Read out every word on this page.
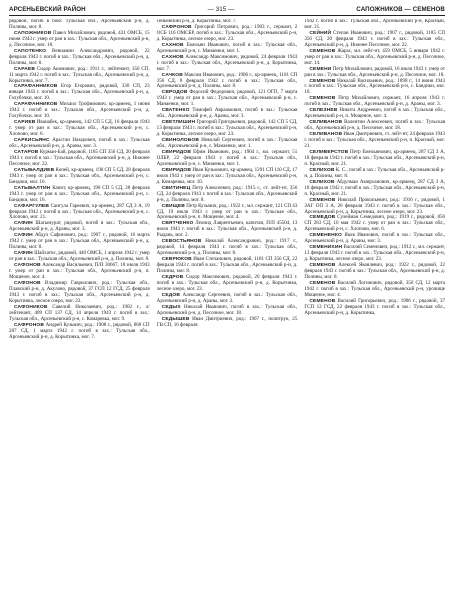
АРСЕНЬЕВСКИЙ РАЙОН	— 315 —	САПОЖНИКОВ — СЕМЕНОВ

рядовой, погиб в бою: Тульская обл., Арсеньевский р-н, д. Полины, мог. 8.

САПОЖНИКОВ Павел Михайлович, рядовой, 431 ОМСБ, 15 июня 1943 г. умер от ран в зах.: Тульская обл., Арсеньевский р-н, д. Песочное, мог. 18.

САПОТЕНКО Вениамин Александрович, рядовой, 22 февраля 1943 г. погиб в зах.: Тульская обл., Арсеньевский р-н, д. Полины, мог. 8.

САРАЕВ Сидор Акимович, род.: 1911 г., лейтенант, 356 СП, 11 марта 1942 г. погиб в зах.: Тульская обл., Арсеньевский р-н, д. Корытинка, мог. 7.

САРАФАННИКОВ Егор Егорович, рядовой, 330 СП, 23 января 1943 г. погиб в зах.: Тульская обл., Арсеньевский р-н, д. Голубочки, мог. 10.

САРАФАННИКОВ Михаил Трофимович, кр-армеец, 1 июня 1943 г. погиб в зах.: Тульская обл., Арсеньевский р-н, д. Голубочки, мог. 10.

САРИЕВ Иванабек, кр-армеец, 142 СП 5 СД, 16 февраля 1943 г. умер от ран в зах.: Тульская обл., Арсеньевский р-н, с. Хлопово, мог. 6.

САРКИСЬЯНС Арастан Назарович, погиб в зах.: Тульская обл., Арсеньевский р-н, д. Араны, мог. 3.

САТАРОВ Курман-Бай, рядовой, 1185 СП 356 СД, 20 февраля 1943 г. погиб в зах.: Тульская обл., Арсеньевский р-н, д. Нижнее Песочное, мог. 22.

САТЫБАЛДИЕВ Копей, кр-армеец, 190 СП 5 СД, 28 февраля 1943 г. умер от ран в зах.: Тульская обл., Арсеньевский р-н, с. Бандики, мог. 16.

САТЫБАЛТИН Капит, кр-армеец, 190 СП 5 СД, 28 февраля 1943 г. умер от ран в зах.: Тульская обл., Арсеньевский р-н, с. Бандики, мог. 16.

САФАРГУЛЕВ Сангула Гареевич, кр-армеец, 287 СД 3 А, 19 февраля 1942 г. погиб в зах.: Тульская обл., Арсеньевский р-н, с. Хлопово, мог. 21.

САФИН Шагымурат, рядовой, погиб в зах.: Тульская обл., Арсеньевский р-н, д. Араны, мог. 3.

САФИН Абдул Сафинович, род.: 1907 г., рядовой, 16 марта 1942 г. умер от ран в зах.: Тульская обл., Арсеньевский р-н, д. Полины, мог. 8.

САФИН Шайхатис, рядовой, 440 ОМСБ, 1 апреля 1942 г. умер от ран в зах.: Тульская обл., Арсеньевский р-н, д. Полины, мог. 8.

САФОНОВ Александр Васильевич, П/П 30667, 18 июля 1943 г. умер от ран в зах.: Тульская обл., Арсеньевский р-н, п. Мощеное, мог. 4.

САФОНОВ Владимир Гаврилович, род.: Тульская обл., Плавский р-н, д. Акулово, рядовой, 37 ГСП 12 ГСД, 25 февраля 1943 г. погиб в зах.: Тульская обл., Арсеньевский р-н, д. Корытинка, лесное озеро, мог. 23.

САФОНИКОВ Савелий Николаевич, род.: 1902 г., л/лейтенант, 409 СП 137 СД, 14 апреля 1943 г. погиб в зах.: Тульская обл., Арсеньевский р-н, с. Комаревка, мог. 9.

САФРОНОВ Андрей Кузьмич, род.: 1908 г., рядовой, 868 СП 287 СД, 1 марта 1942 г. погиб в зах.: Тульская обл., Арсеньевский р-н, д. Корытинка, мог. 7.

сеньевский р-н, д. Корытинка, мог. 7.

САФРОНОВ Григорий Петрович, род.: 1903 г., сержант, 2 ОСБ 116 ОМСБР, погиб в зах.: Тульская обл., Арсеньевский р-н, д. Корытинка, лесное озеро, мог. 23.

САХНОВ Емельян Иванович, погиб в зах.: Тульская обл., Арсеньевский р-н, с. Манаенки, мог. 1.

САХНОВ Александр Максимович, рядовой, 24 февраля 1943 г. погиб в зах.: Тульская обл., Арсеньевский р-н, д. Корытинка, мог. 7.

САЧКОВ Максим Иванович, род.: 1906 г., кр-армеец, 1181 СП 356 СД, 8 февраля 1942 г. погиб в зах.: Тульская обл., Арсеньевский р-н, д. Полины, мог. 8.

СВРОДОВ Федосий Федорович, рядовой, 121 ОГП, 7 марта 1943 г. умер от ран в зах.: Тульская обл., Арсеньевский р-н, с. Манаенки, мог. 1.

СВАТЕНКО Тимофей Авраамович, погиб в зах.: Тульская обл., Арсеньевский р-н, д. Араны, мог. 3.

СВЕТЛИШИН Григорий Григорьевич, рядовой, 142 СП 5 СД, 13 февраля 1943 г. погиб в зах.: Тульская обл., Арсеньевский р-н, д. Корытинка, лесное озеро, мог. 23.

СВИНОЛОБОВ Николай Сергеевич, погиб в зах.: Тульская обл., Арсеньевский р-н, с. Манаенки, мог. 1.

СВИРИДОВ Ефим Иванович, род.: 1904 г., мл. сержант, 51 ОЛБР, 22 февраля 1943 г. погиб в зах.: Тульская обл., Арсеньевский р-н, с. Манаенки, мог. 1.

СВИРИДОВ Иван Кузьмович, кр-армеец, 1291 СП 110 СД, 17 июля 1943 г. умер от ран в зах.: Тульская обл., Арсеньевский р-н, д. Комаревка, мог. 10.

СВИТИНЕЦ Петр Алексеевич, род.: 1915 г., ст. лейт-нт, 356 СД, 24 февраля 1943 г. погиб в зах.: Тульская обл., Арсеньевский р-н, д. Полины, мог. 8.

СВИЩЕВ Петр Кузьмич, род.: 1922 г., мл. сержант, 121 СП 43 СД, 19 июля 1943 г. умер от ран в зах.: Тульская обл., Арсеньевский р-н, п. Мощеное, мог. 4.

СВЯТЧЕНКО Леонид Лаврентьевич, капитан, П/П 45504, 13 июля 1943 г. погиб в зах.: Тульская обл., Арсеньевский р-н, д. Рыдань, мог. 2.

СЕВОСТЬЯНОВ Николай Александрович, род.: 1917 г., рядовой, 14 февраля 1943 г. погиб в зах.: Тульская обл., Арсеньевский р-н, д. Полины, мог. 8.

СЕВРЮКОВ Иван Степанович, рядовой, 1181 СП 356 СД, 22 февраля 1943 г. погиб в зах.: Тульская обл., Арсеньевский р-н, д. Полины, мог. 8.

СЕДРОВ Сидор Максимович, рядовой, 20 февраля 1943 г. погиб в зах.: Тульская обл., Арсеньевский р-н, д. Корытинка, лесное озеро, мог. 23.

СЕДОВ Александр Сергеевич, погиб в зах.: Тульская обл., Арсеньевский р-н, д. Араны, мог. 3.

СЕДЫХ Николай Иванович, погиб в зах.: Тульская обл., Арсеньевский р-н, д. Песочное, мог. 18.

СЕДЫШЕВ Иван Дмитриевич, род.: 1907 г., политрук, 25 ГВ.СП, 16 февраля

1942 г. погиб в зах.: Тульская обл., Арсеньевский р-н, Красный, мог. 21.

СЕЙНИЙ Степан Иванович, род.: 1907 г., рядовой, 1185 СП 356 СД, 20 февраля 1943 г. погиб в зах.: Тульская обл., Арсеньевский р-н, д. Нижнее Песочное, мог. 22.

СЕМЕНОВ Жарас, мл. лейт-нт, 459 ОМСБ, 5 января 1942 г. умер от ран в зах.: Тульская обл., Арсеньевский р-н, д. Песочное, мог. 14.

СЕМЕНИ Петр Михайлович, рядовой, 16 июля 1943 г. умер от ран в зах.: Тульская обл., Арсеньевский р-н, д. Песочное, мог. 18.

СЕМЕНОВ Николай Васильевич, род.: 1898 г., 14 июня 1943 г. погиб в зах.: Тульская обл., Арсеньевский р-н, с. Бандики, мог. 16.

СЕМЕНОВ Петр Михайлович, сержант, 16 апреля 1943 г. погиб в зах.: Тульская обл., Арсеньевский р-н, д. Араны, мог. 3.

СЕЛЕЗНЕВ Никита Андреевич, погиб в зах.: Тульская обл., Арсеньевский р-н, п. Мощеное, мог. 4.

СЕЛИВАНОВ Валентин Алексеевич, погиб в зах.: Тульская обл., Арсеньевский р-н, д. Песочное, мог. 18.

СЕЛИВАНОВ Иван Дмитриевич, ст. лейт-нт, 24 февраля 1943 г. погиб в зах.: Тульская обл., Арсеньевский р-н, п. Красный, мог. 21.

СЕЛИВЕРСТОВ Петр Емельянович, кр-армеец, 287 СД 3 А, 18 февраля 1942 г. погиб в зах.: Тульская обл., Арсеньевский р-н, п. Красный, мог. 21.

СЕЛИХОВ К. С., погиб в зах.: Тульская обл., Арсеньевский р-н, д. Полины, мог. 8.

СЕЛИХОВ Абдулман Амирханович, кр-армеец, 287 СД 3 А, 18 февраля 1942 г. погиб в зах.: Тульская обл., Арсеньевский р-н, п. Красный, мог. 21.

СЕМЕНОВ Николай Прокопьевич, род.: 1916 г., рядовой, 1 ЗАГ ОП 3 А, 26 февраля 1943 г. погиб в зах.: Тульская обл., Арсеньевский р-н, д. Корытинка, лесное озеро, мог. 23.

СЕМЕДОВ Сулейман Семедович, род.: 1919 г., рядовой, 856 СП 283 СД, 10 мая 1942 г. умер от ран в зах.: Тульская обл., Арсеньевский р-н, с. Хлопово, мог. 6.

СЕМЕНЕНКО Яков Иванович, погиб в зах.: Тульская обл., Арсеньевский р-н, д. Араны, мог. 3.

СЕМЕНИХИН Василий Семенович, род.: 1912 г., мл. сержант, 13 февраля 1943 г. погиб в зах.: Тульская обл., Арсеньевский р-н, д. Корытинка, лесное озеро, мог. 23.

СЕМЕНОВ Алексей Яковлевич, род.: 1922 г., рядовой, 22 февраля 1943 г. погиб в зах.: Тульская обл., Арсеньевский р-н, д. Полины, мог. 8.

СЕМЕНОВ Василий Логинович, рядовой, 356 СД, 12 марта 1942 г. погиб в зах.: Тульская обл., Арсеньевский р-н, урочище Мощеное, мог. 4.

СЕМЕНОВ Василий Григорьевич, род.: 1906 г., рядовой, 37 ГСП 12 ГСД, 22 февраля 1943 г. погиб в зах.: Тульская обл., Арсеньевский р-н, д. Корытинка,
